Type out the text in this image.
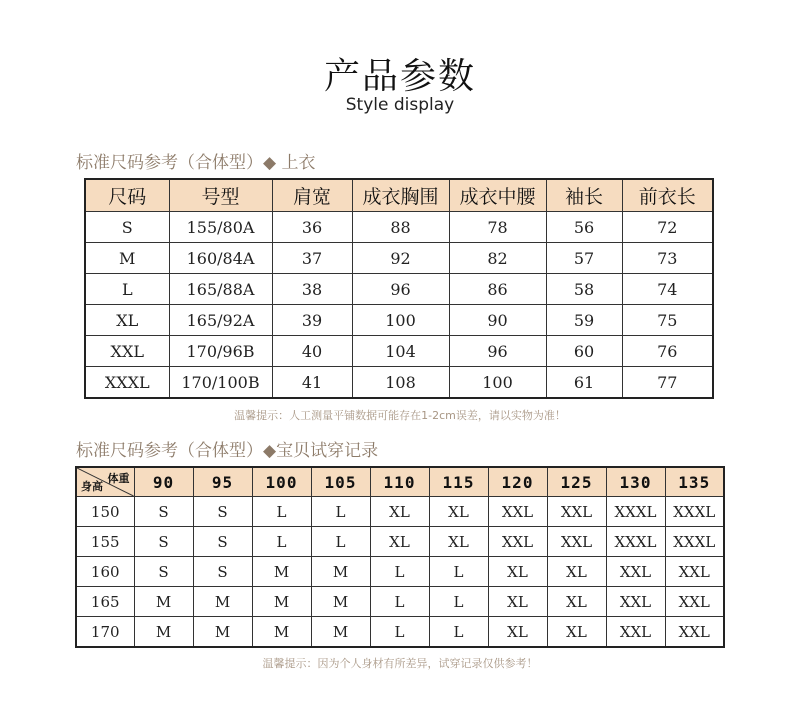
产品参数
Style display
标准尺码参考（合体型）◆ 上衣
尺码	号型	肩宽	成衣胸围	成衣中腰	袖长	前衣长
S	155/80A	36	88	78	56	72
M	160/84A	37	92	82	57	73
L	165/88A	38	96	86	58	74
XL	165/92A	39	100	90	59	75
XXL	170/96B	40	104	96	60	76
XXXL	170/100B	41	108	100	61	77
温馨提示：人工测量平铺数据可能存在1-2cm误差，请以实物为准！
标准尺码参考（合体型）◆宝贝试穿记录
体重
身高	90	95	100	105	110	115	120	125	130	135
150	S	S	L	L	XL	XL	XXL	XXL	XXXL	XXXL
155	S	S	L	L	XL	XL	XXL	XXL	XXXL	XXXL
160	S	S	M	M	L	L	XL	XL	XXL	XXL
165	M	M	M	M	L	L	XL	XL	XXL	XXL
170	M	M	M	M	L	L	XL	XL	XXL	XXL
温馨提示：因为个人身材有所差异，试穿记录仅供参考！
